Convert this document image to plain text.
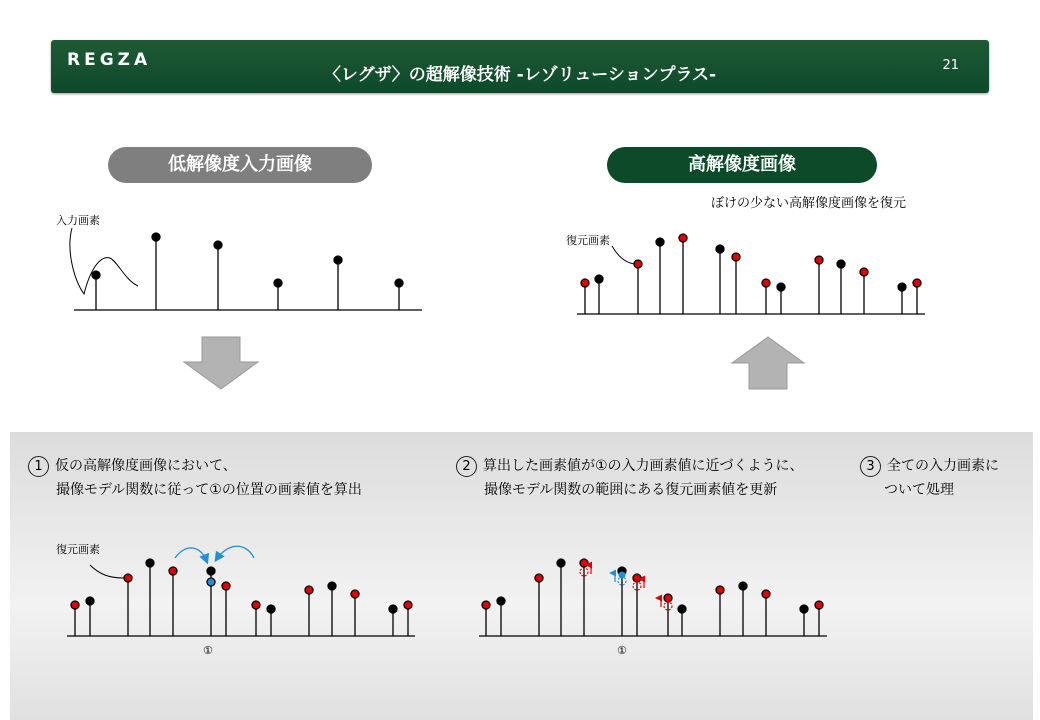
REGZA
〈レグザ〉の超解像技術 -レゾリューションプラス-	21
低解像度入力画像	高解像度画像
ぼけの少ない高解像度画像を復元
入力画素
復元画素
1 仮の高解像度画像において、
撮像モデル関数に従って①の位置の画素値を算出
2 算出した画素値が①の入力画素値に近づくように、
撮像モデル関数の範囲にある復元画素値を更新
3 全ての入力画素に
ついて処理
復元画素
①	①
